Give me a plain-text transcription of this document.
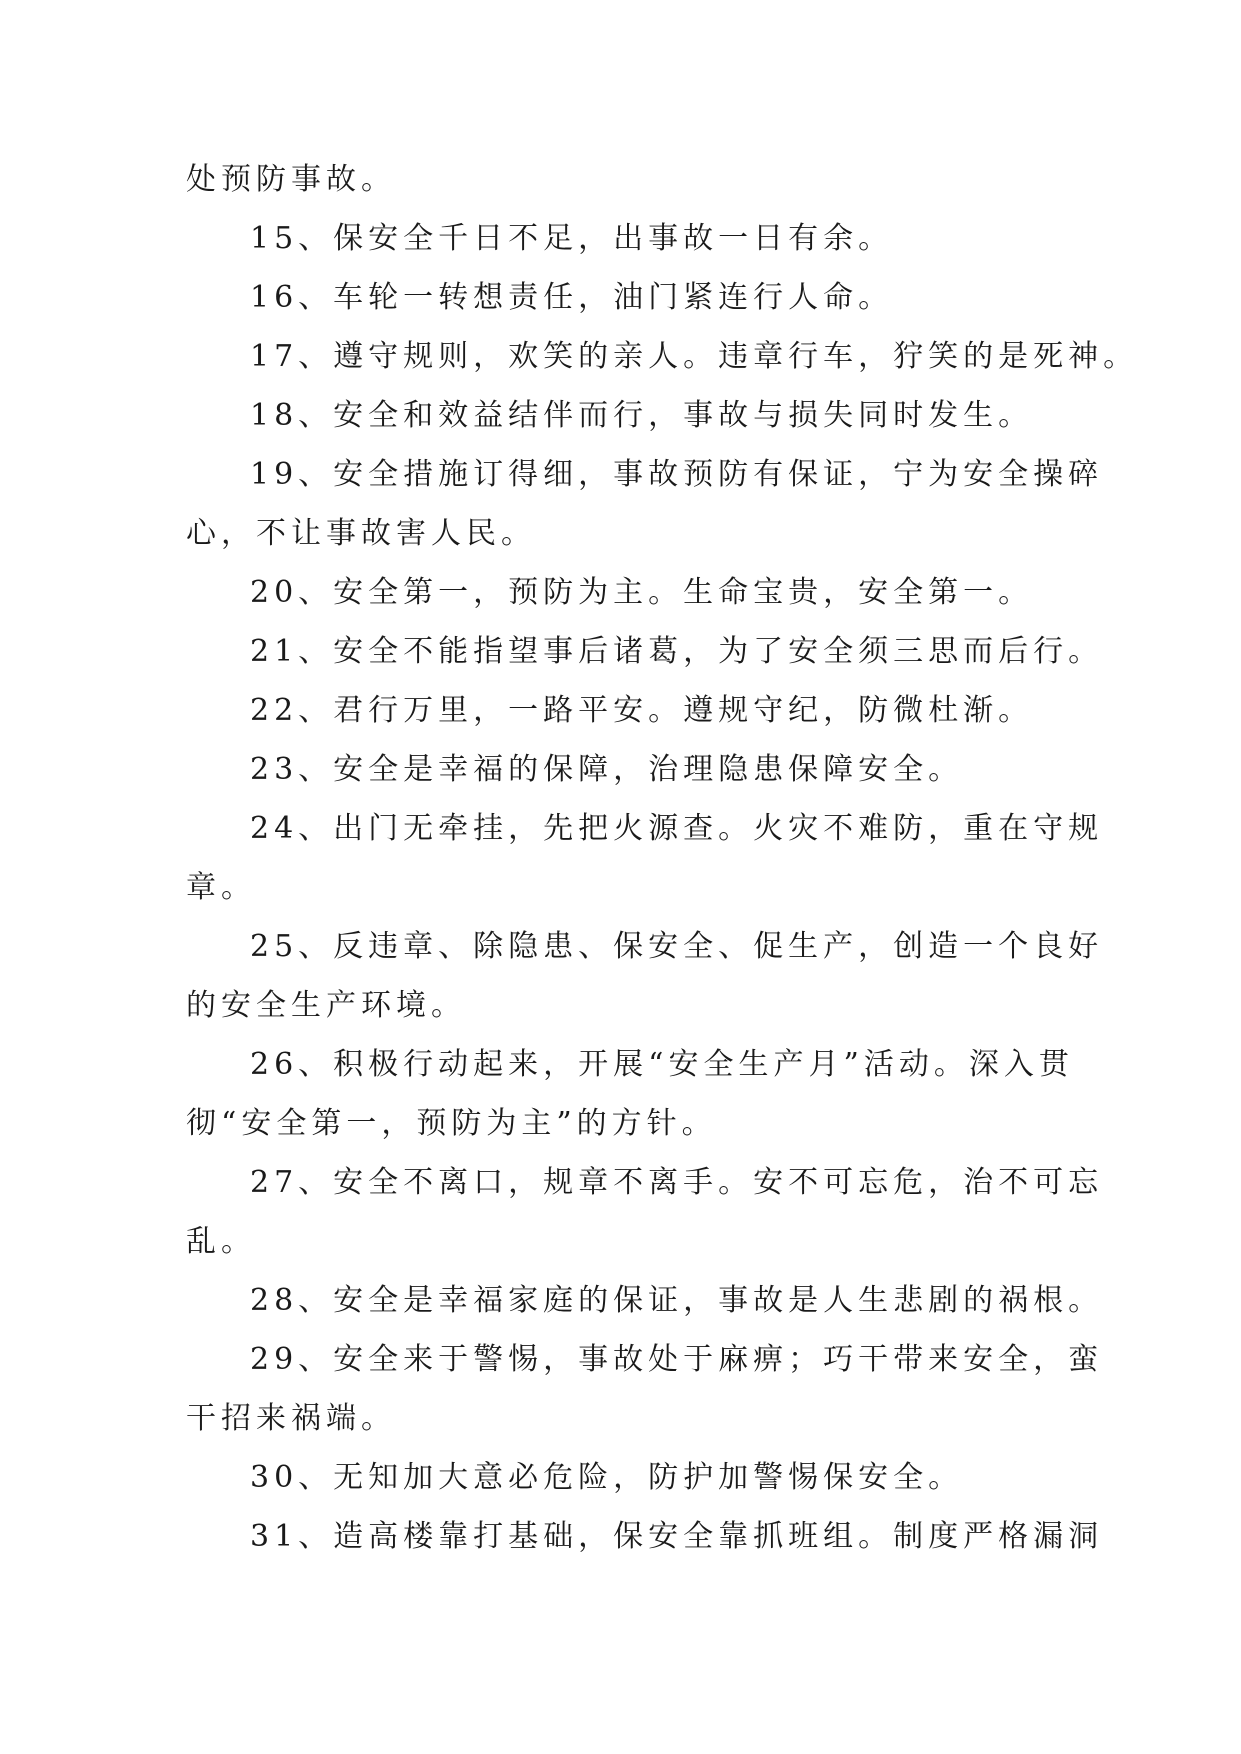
处预防事故。
15、保安全千日不足，出事故一日有余。
16、车轮一转想责任，油门紧连行人命。
17、遵守规则，欢笑的亲人。违章行车，狞笑的是死神。
18、安全和效益结伴而行，事故与损失同时发生。
19、安全措施订得细，事故预防有保证，宁为安全操碎
心，不让事故害人民。
20、安全第一，预防为主。生命宝贵，安全第一。
21、安全不能指望事后诸葛，为了安全须三思而后行。
22、君行万里，一路平安。遵规守纪，防微杜渐。
23、安全是幸福的保障，治理隐患保障安全。
24、出门无牵挂，先把火源查。火灾不难防，重在守规
章。
25、反违章、除隐患、保安全、促生产，创造一个良好
的安全生产环境。
26、积极行动起来，开展“安全生产月”活动。深入贯
彻“安全第一，预防为主”的方针。
27、安全不离口，规章不离手。安不可忘危，治不可忘
乱。
28、安全是幸福家庭的保证，事故是人生悲剧的祸根。
29、安全来于警惕，事故处于麻痹；巧干带来安全，蛮
干招来祸端。
30、无知加大意必危险，防护加警惕保安全。
31、造高楼靠打基础，保安全靠抓班组。制度严格漏洞
